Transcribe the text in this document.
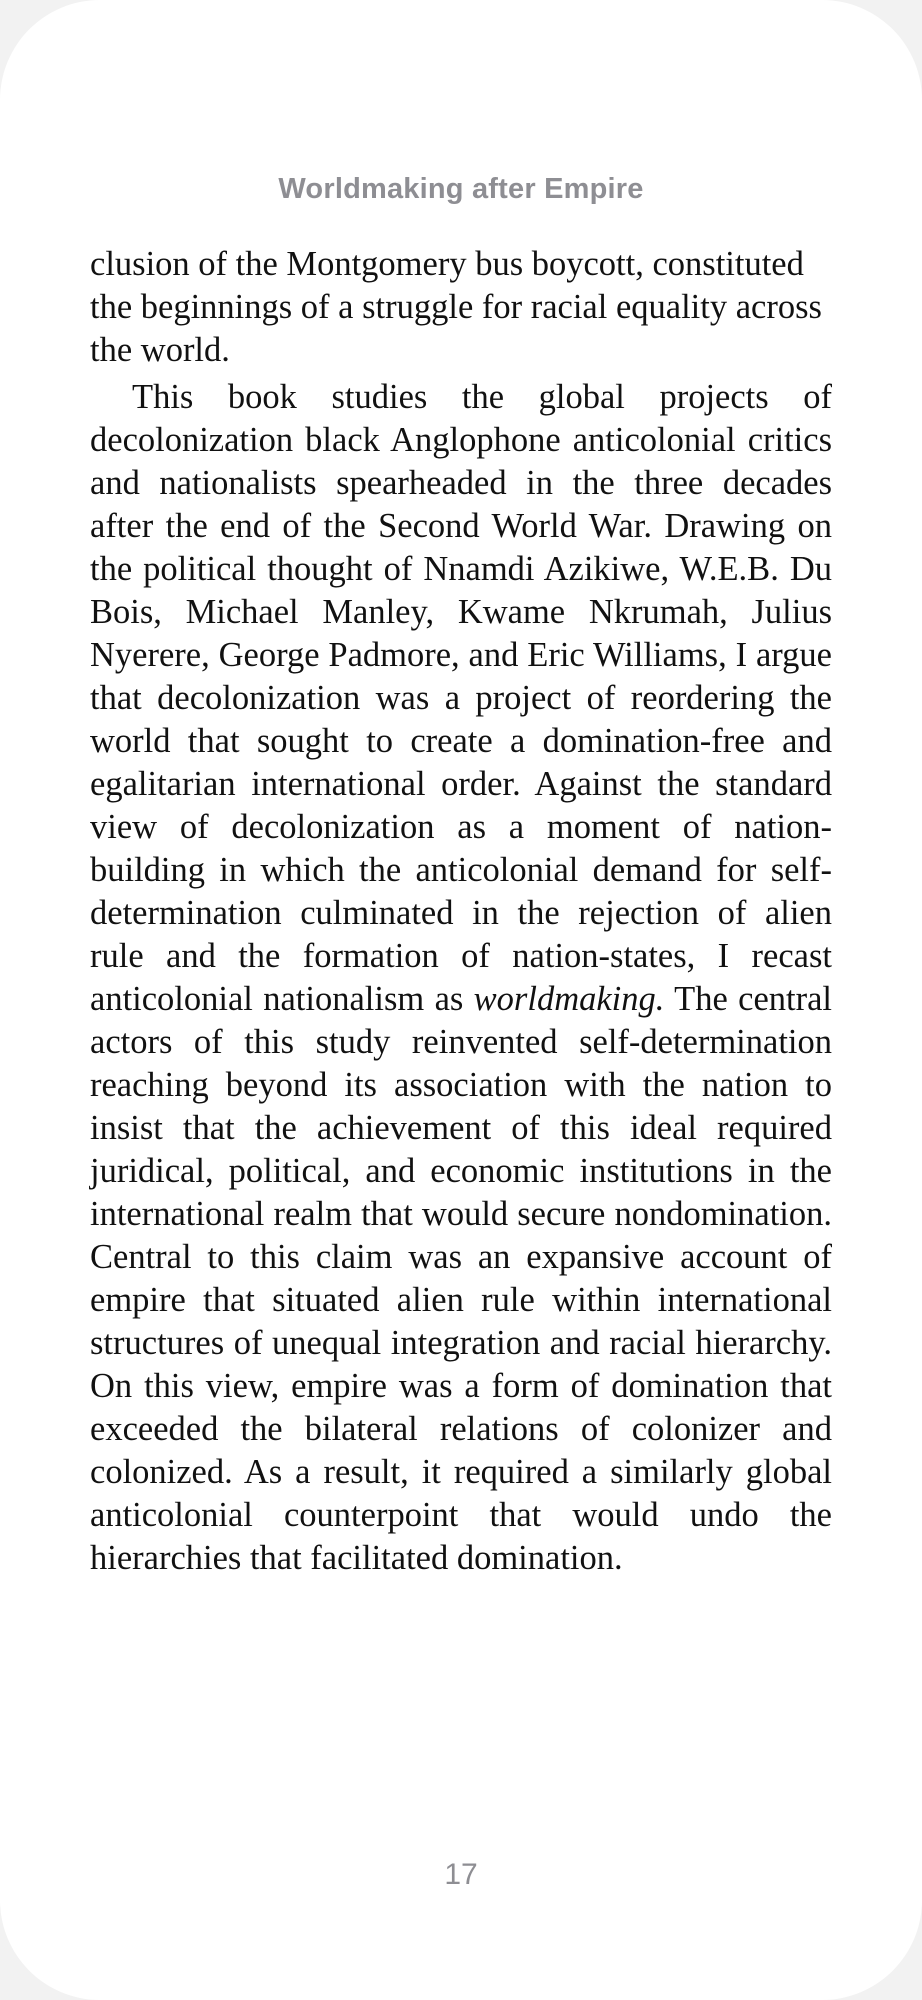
Worldmaking after Empire

clusion of the Montgomery bus boycott, constituted the beginnings of a struggle for racial equality across the world.

This book studies the global projects of decolonization black Anglophone anticolonial critics and nationalists spearheaded in the three decades after the end of the Second World War. Drawing on the political thought of Nnamdi Azikiwe, W.E.B. Du Bois, Michael Manley, Kwame Nkrumah, Julius Nyerere, George Padmore, and Eric Williams, I argue that decolonization was a project of reordering the world that sought to create a domination-free and egalitarian international order. Against the standard view of decolonization as a moment of nation-building in which the anticolonial demand for self-determination culminated in the rejection of alien rule and the formation of nation-states, I recast anticolonial nationalism as worldmaking. The central actors of this study reinvented self-determination reaching beyond its association with the nation to insist that the achievement of this ideal required juridical, political, and economic institutions in the international realm that would secure nondomination. Central to this claim was an expansive account of empire that situated alien rule within international structures of unequal integration and racial hierarchy. On this view, empire was a form of domination that exceeded the bilateral relations of colonizer and colonized. As a result, it required a similarly global anticolonial counterpoint that would undo the hierarchies that facilitated domination.

17
